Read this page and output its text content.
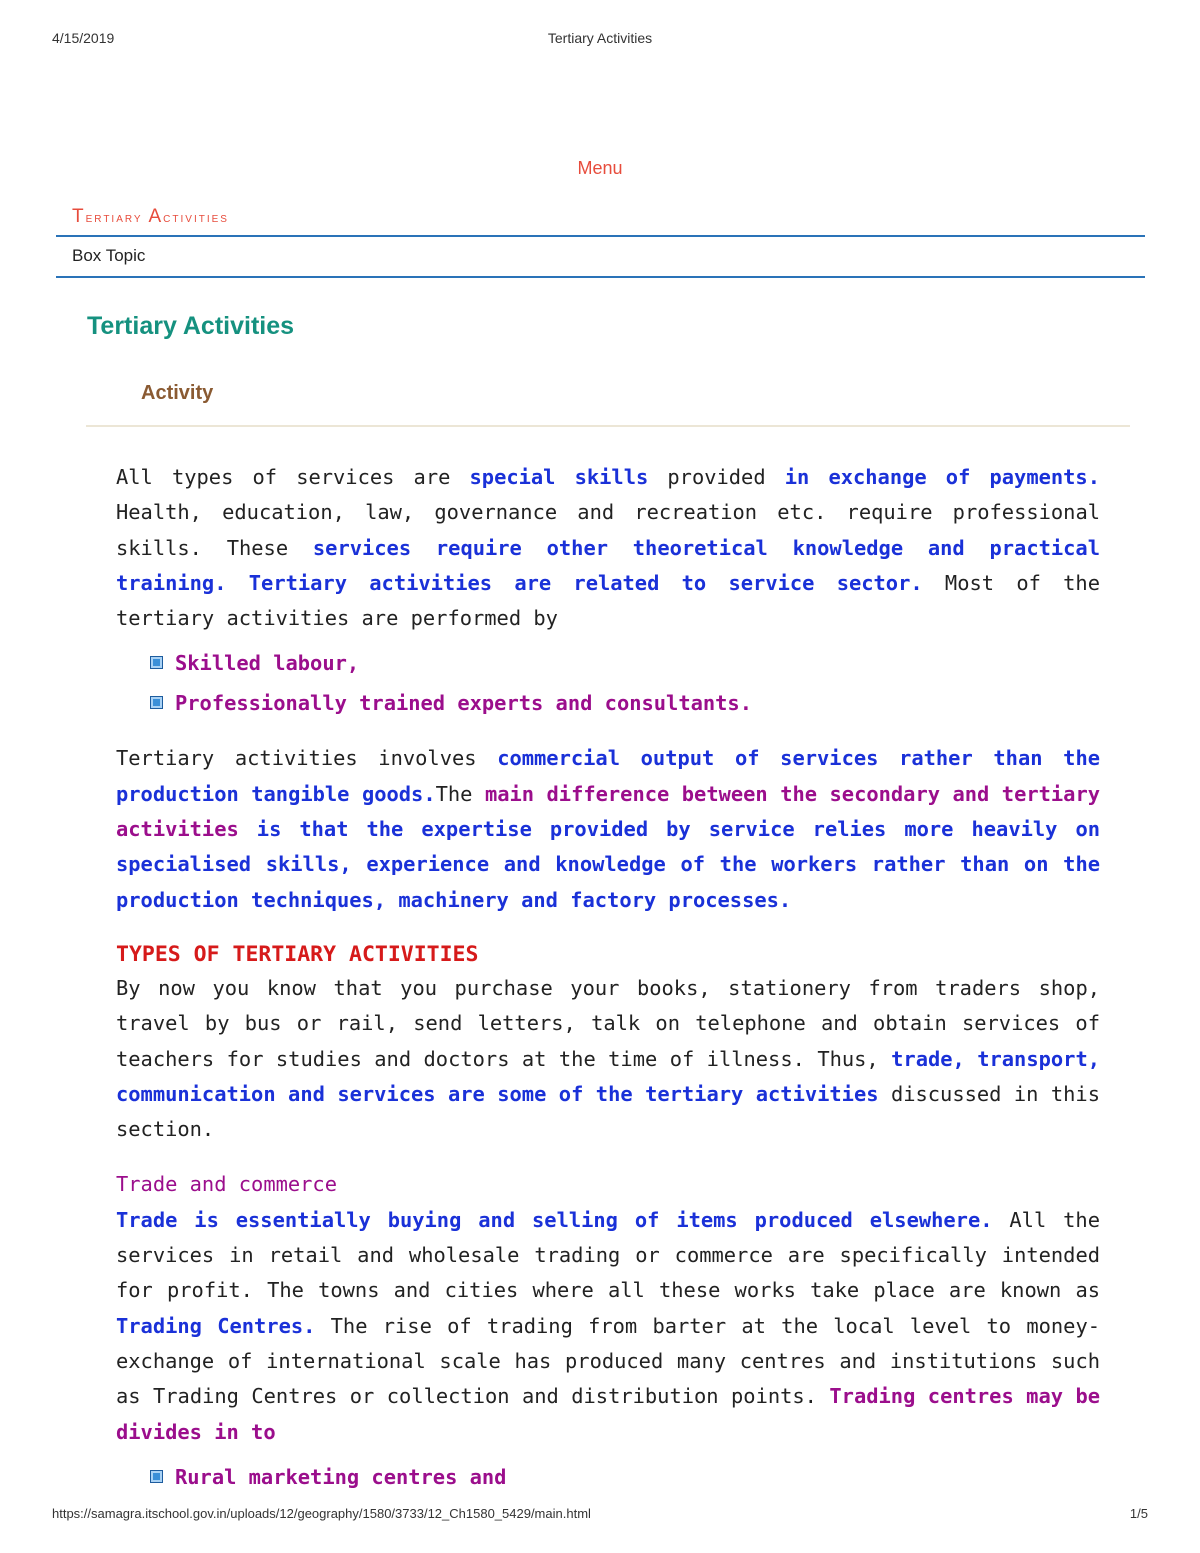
4/15/2019	Tertiary Activities
Menu
Tertiary Activities
Box Topic
Tertiary Activities
Activity

All types of services are special skills provided in exchange of payments. Health, education, law, governance and recreation etc. require professional skills. These services require other theoretical knowledge and practical training. Tertiary activities are related to service sector. Most of the tertiary activities are performed by

Skilled labour,
Professionally trained experts and consultants.

Tertiary activities involves commercial output of services rather than the production tangible goods.The main difference between the secondary and tertiary activities is that the expertise provided by service relies more heavily on specialised skills, experience and knowledge of the workers rather than on the production techniques, machinery and factory processes.

TYPES OF TERTIARY ACTIVITIES

By now you know that you purchase your books, stationery from traders shop, travel by bus or rail, send letters, talk on telephone and obtain services of teachers for studies and doctors at the time of illness. Thus, trade, transport, communication and services are some of the tertiary activities discussed in this section.

Trade and commerce

Trade is essentially buying and selling of items produced elsewhere. All the services in retail and wholesale trading or commerce are specifically intended for profit. The towns and cities where all these works take place are known as Trading Centres. The rise of trading from barter at the local level to money-exchange of international scale has produced many centres and institutions such as Trading Centres or collection and distribution points. Trading centres may be divides in to

Rural marketing centres and
https://samagra.itschool.gov.in/uploads/12/geography/1580/3733/12_Ch1580_5429/main.html	1/5
